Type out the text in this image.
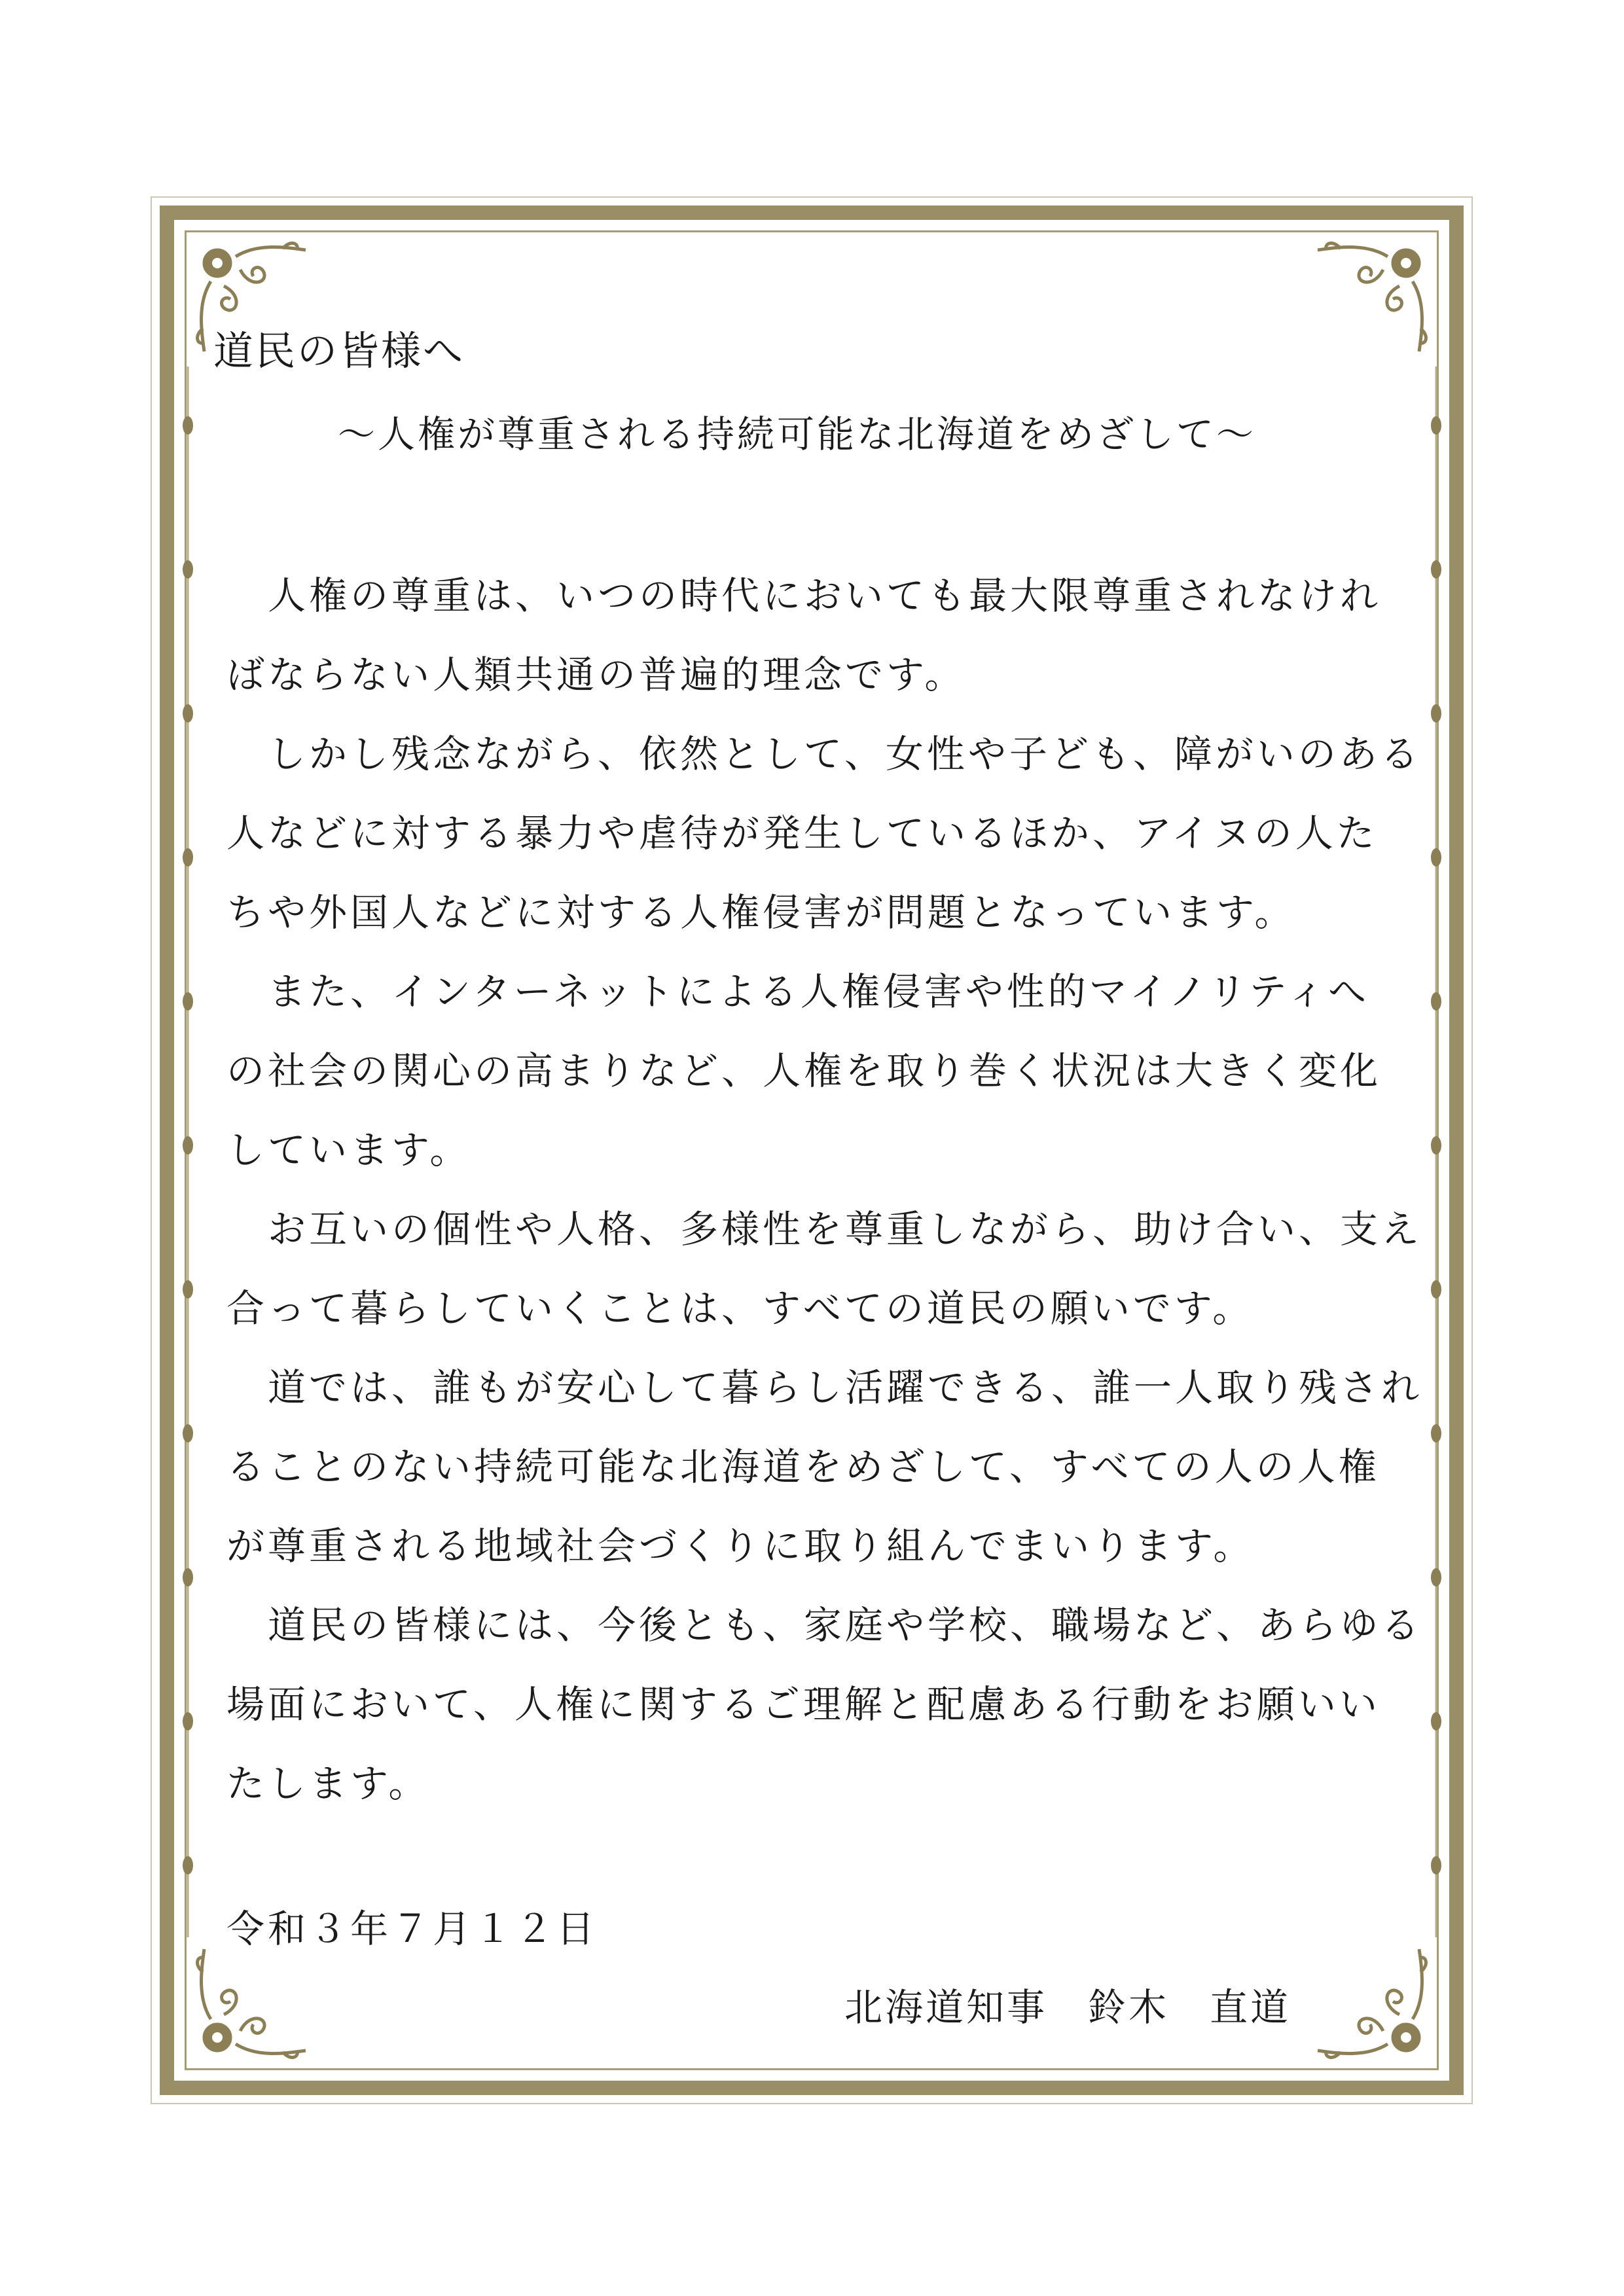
道民の皆様へ
～人権が尊重される持続可能な北海道をめざして～
　人権の尊重は、いつの時代においても最大限尊重されなけれ
ばならない人類共通の普遍的理念です。
　しかし残念ながら、依然として、女性や子ども、障がいのある
人などに対する暴力や虐待が発生しているほか、アイヌの人た
ちや外国人などに対する人権侵害が問題となっています。
　また、インターネットによる人権侵害や性的マイノリティへ
の社会の関心の高まりなど、人権を取り巻く状況は大きく変化
しています。
　お互いの個性や人格、多様性を尊重しながら、助け合い、支え
合って暮らしていくことは、すべての道民の願いです。
　道では、誰もが安心して暮らし活躍できる、誰一人取り残され
ることのない持続可能な北海道をめざして、すべての人の人権
が尊重される地域社会づくりに取り組んでまいります。
　道民の皆様には、今後とも、家庭や学校、職場など、あらゆる
場面において、人権に関するご理解と配慮ある行動をお願いい
たします。
令和３年７月１２日
北海道知事　鈴木　直道
